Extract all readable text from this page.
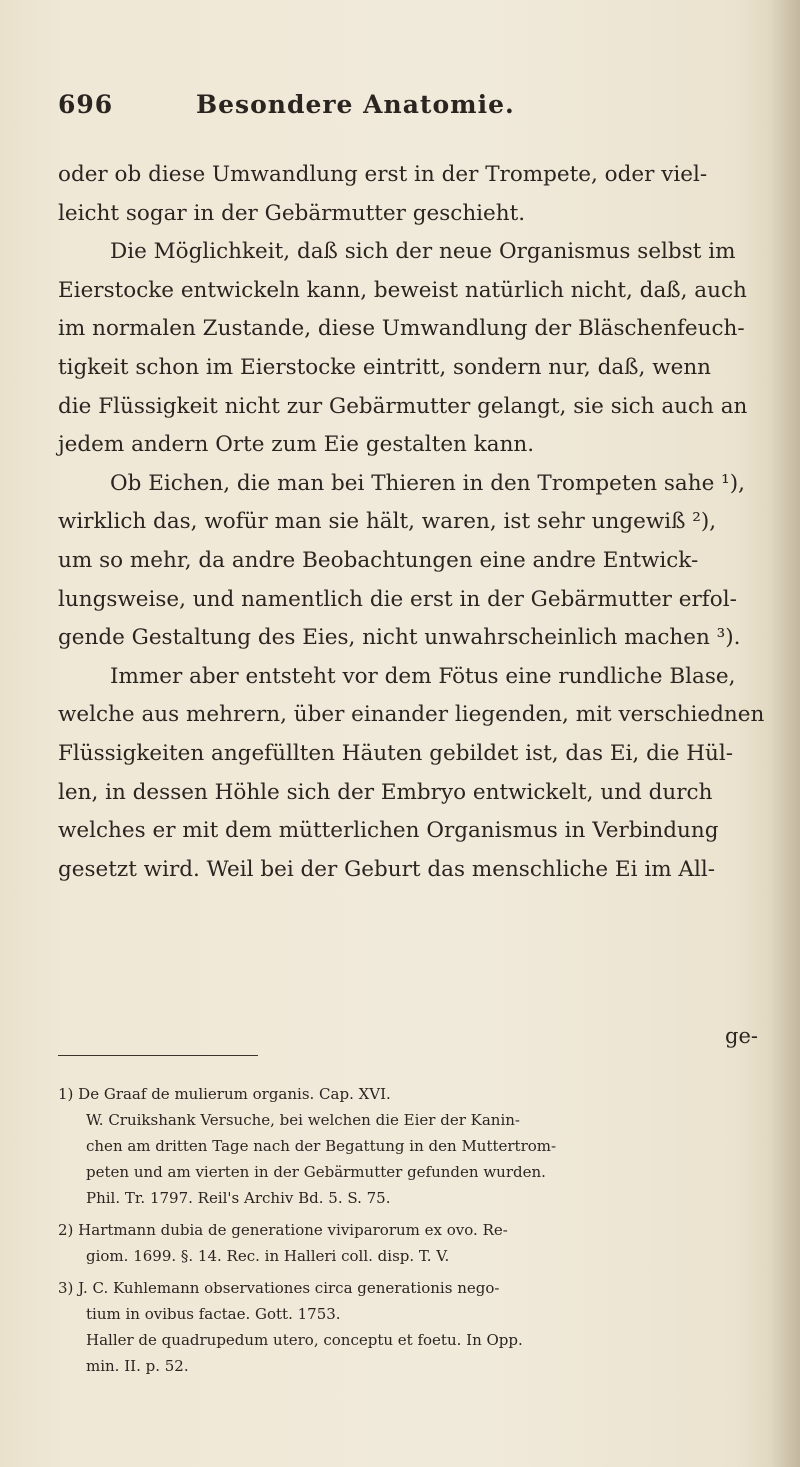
696	Besondere Anatomie.
oder ob diese Umwandlung erst in der Trompete, oder viel-
leicht sogar in der Gebärmutter geschieht.
Die Möglichkeit, daß sich der neue Organismus selbst im
Eierstocke entwickeln kann, beweist natürlich nicht, daß, auch
im normalen Zustande, diese Umwandlung der Bläschenfeuch-
tigkeit schon im Eierstocke eintritt, sondern nur, daß, wenn
die Flüssigkeit nicht zur Gebärmutter gelangt, sie sich auch an
jedem andern Orte zum Eie gestalten kann.
Ob Eichen, die man bei Thieren in den Trompeten sahe ¹),
wirklich das, wofür man sie hält, waren, ist sehr ungewiß ²),
um so mehr, da andre Beobachtungen eine andre Entwick-
lungsweise, und namentlich die erst in der Gebärmutter erfol-
gende Gestaltung des Eies, nicht unwahrscheinlich machen ³).
Immer aber entsteht vor dem Fötus eine rundliche Blase,
welche aus mehrern, über einander liegenden, mit verschiednen
Flüssigkeiten angefüllten Häuten gebildet ist, das Ei, die Hül-
len, in dessen Höhle sich der Embryo entwickelt, und durch
welches er mit dem mütterlichen Organismus in Verbindung
gesetzt wird. Weil bei der Geburt das menschliche Ei im All-
ge-
1) De Graaf de mulierum organis. Cap. XVI.
W. Cruikshank Versuche, bei welchen die Eier der Kanin-
chen am dritten Tage nach der Begattung in den Muttertrom-
peten und am vierten in der Gebärmutter gefunden wurden.
Phil. Tr. 1797. Reil's Archiv Bd. 5. S. 75.
2) Hartmann dubia de generatione viviparorum ex ovo. Re-
giom. 1699. §. 14. Rec. in Halleri coll. disp. T. V.
3) J. C. Kuhlemann observationes circa generationis nego-
tium in ovibus factae. Gott. 1753.
Haller de quadrupedum utero, conceptu et foetu. In Opp.
min. II. p. 52.
